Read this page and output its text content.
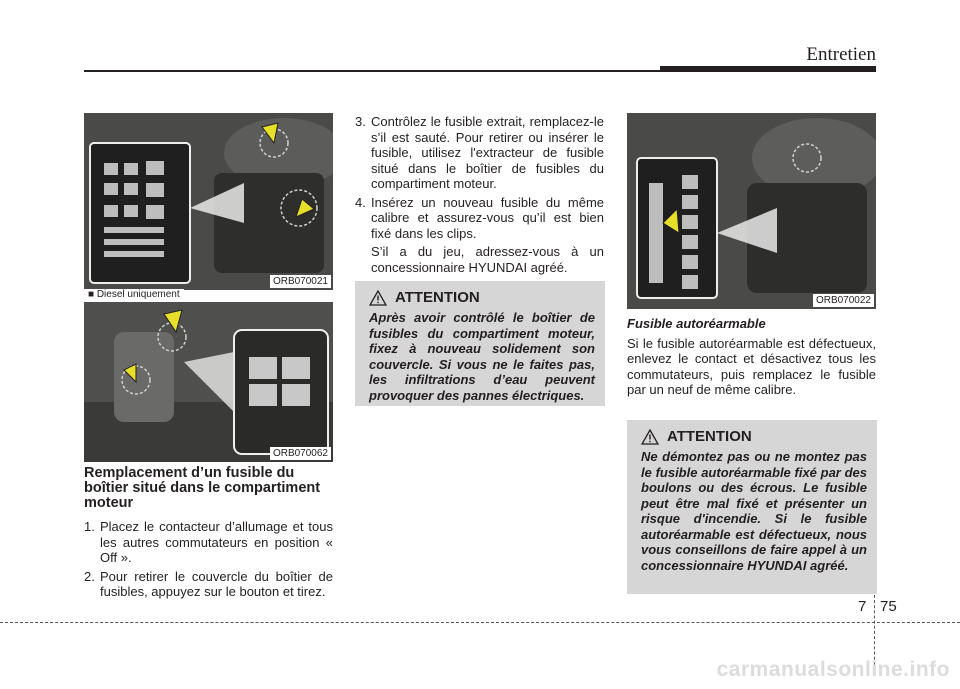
Entretien
ORB070021
■ Diesel uniquement
ORB070062
ORB070022
Remplacement d’un fusible du boîtier situé dans le compartiment moteur
1. Placez le contacteur d’allumage et tous les autres commutateurs en position « Off ».
2. Pour retirer le couvercle du boîtier de fusibles, appuyez sur le bouton et tirez.
3. Contrôlez le fusible extrait, remplacez-le s’il est sauté. Pour retirer ou insérer le fusible, utilisez l'extracteur de fusible situé dans le boîtier de fusibles du compartiment moteur.
4. Insérez un nouveau fusible du même calibre et assurez-vous qu’il est bien fixé dans les clips.

S’il a du jeu, adressez-vous à un concessionnaire HYUNDAI agréé.

ATTENTION
Après avoir contrôlé le boîtier de fusibles du compartiment moteur, fixez à nouveau solidement son couvercle. Si vous ne le faites pas, les infiltrations d’eau peuvent provoquer des pannes électriques.
Fusible autoréarmable

Si le fusible autoréarmable est défectueux, enlevez le contact et désactivez tous les commutateurs, puis remplacez le fusible par un neuf de même calibre.

ATTENTION
Ne démontez pas ou ne montez pas le fusible autoréarmable fixé par des boulons ou des écrous. Le fusible peut être mal fixé et présenter un risque d'incendie. Si le fusible autoréarmable est défectueux, nous vous conseillons de faire appel à un concessionnaire HYUNDAI agréé.
7 75
carmanualsonline.info
